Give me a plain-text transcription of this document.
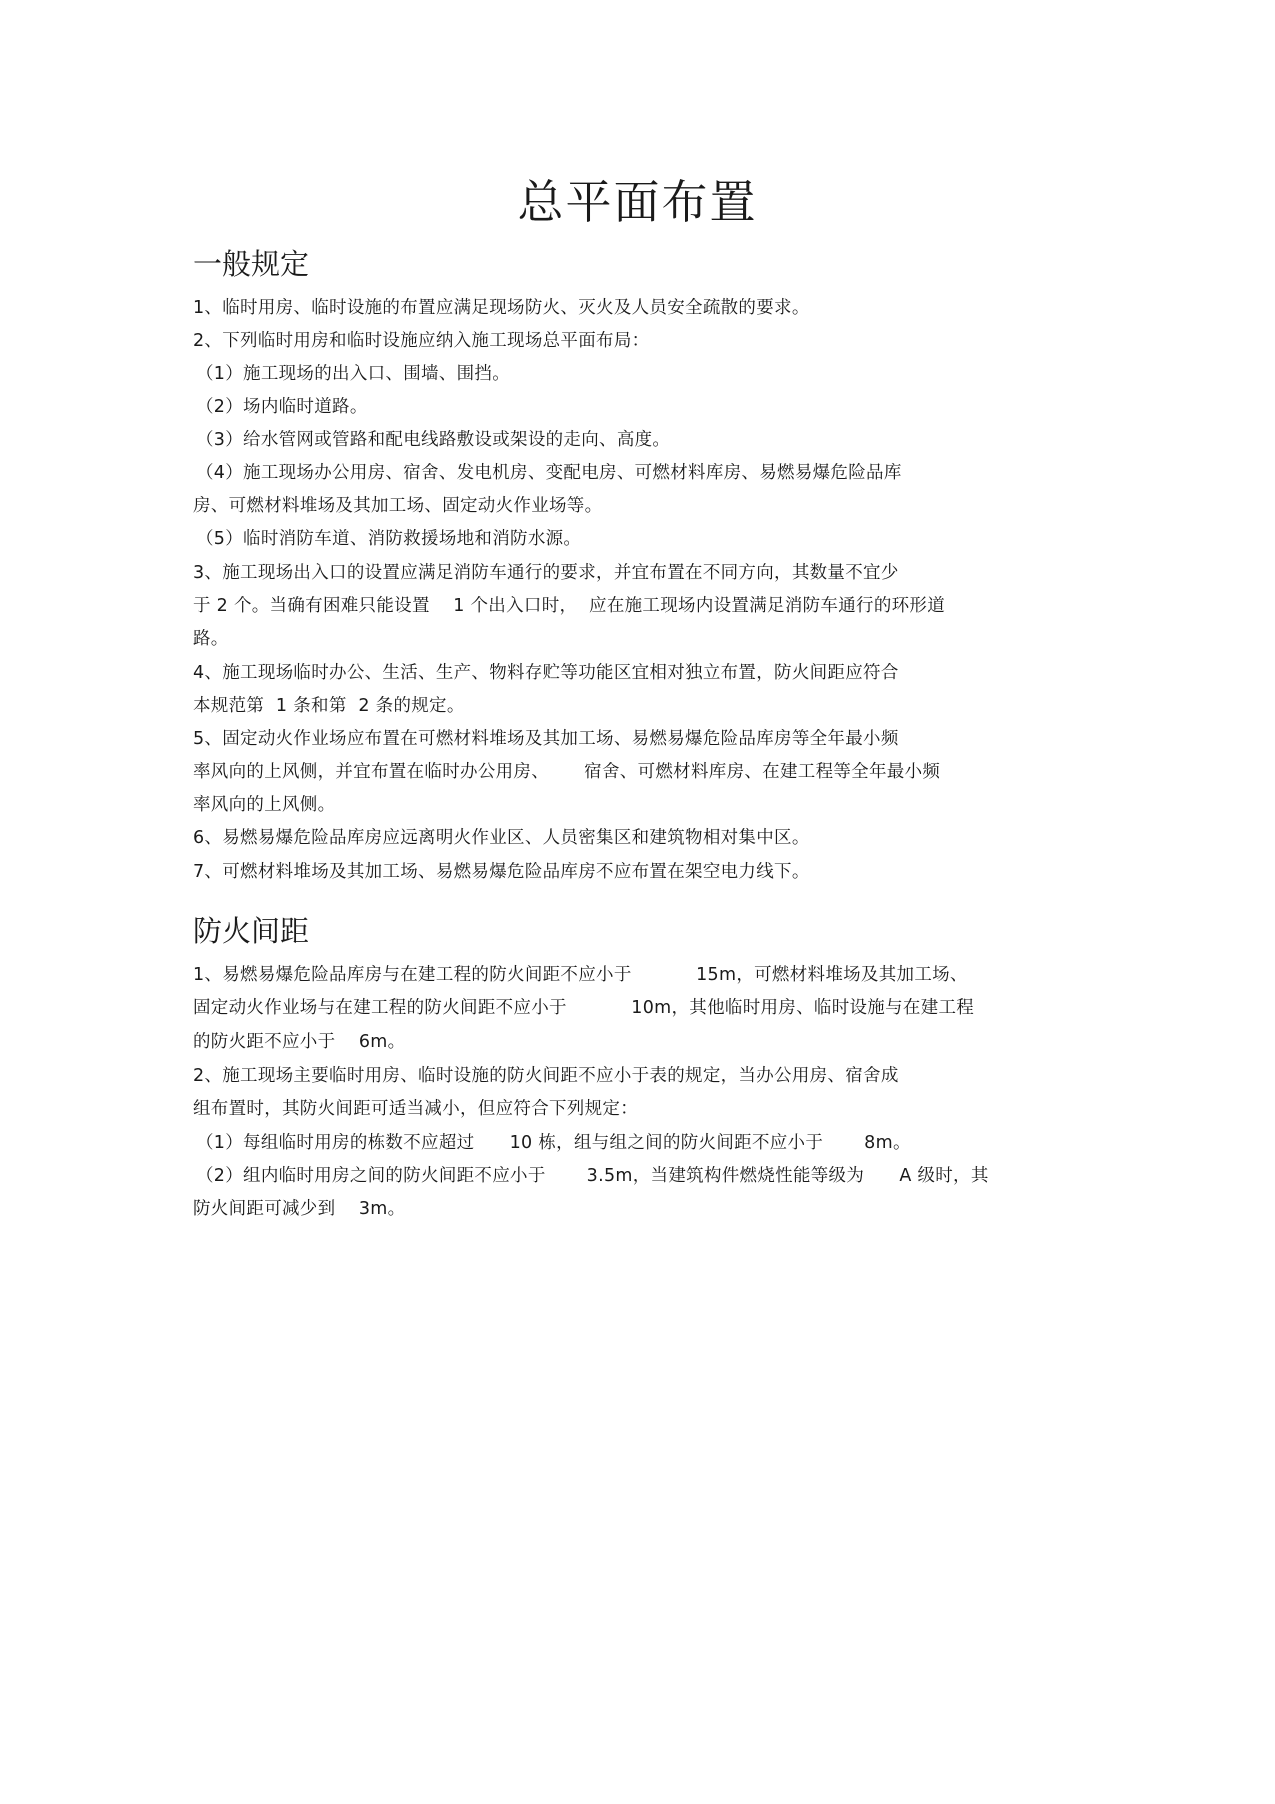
总平面布置
一般规定

1、临时用房、临时设施的布置应满足现场防火、灭火及人员安全疏散的要求。

2、下列临时用房和临时设施应纳入施工现场总平面布局：

（1）施工现场的出入口、围墙、围挡。

（2）场内临时道路。

（3）给水管网或管路和配电线路敷设或架设的走向、高度。

（4）施工现场办公用房、宿舍、发电机房、变配电房、可燃材料库房、易燃易爆危险品库

房、可燃材料堆场及其加工场、固定动火作业场等。

（5）临时消防车道、消防救援场地和消防水源。

3、施工现场出入口的设置应满足消防车通行的要求，并宜布置在不同方向，其数量不宜少

于 2 个。当确有困难只能设置    1 个出入口时，  应在施工现场内设置满足消防车通行的环形道

路。

4、施工现场临时办公、生活、生产、物料存贮等功能区宜相对独立布置，防火间距应符合

本规范第  1 条和第  2 条的规定。

5、固定动火作业场应布置在可燃材料堆场及其加工场、易燃易爆危险品库房等全年最小频

率风向的上风侧，并宜布置在临时办公用房、      宿舍、可燃材料库房、在建工程等全年最小频

率风向的上风侧。

6、易燃易爆危险品库房应远离明火作业区、人员密集区和建筑物相对集中区。

7、可燃材料堆场及其加工场、易燃易爆危险品库房不应布置在架空电力线下。

防火间距

1、易燃易爆危险品库房与在建工程的防火间距不应小于           15m，可燃材料堆场及其加工场、

固定动火作业场与在建工程的防火间距不应小于           10m，其他临时用房、临时设施与在建工程

的防火距不应小于    6m。

2、施工现场主要临时用房、临时设施的防火间距不应小于表的规定，当办公用房、宿舍成

组布置时，其防火间距可适当减小，但应符合下列规定：

（1）每组临时用房的栋数不应超过      10 栋，组与组之间的防火间距不应小于       8m。

（2）组内临时用房之间的防火间距不应小于       3.5m，当建筑构件燃烧性能等级为      A 级时，其

防火间距可减少到    3m。
